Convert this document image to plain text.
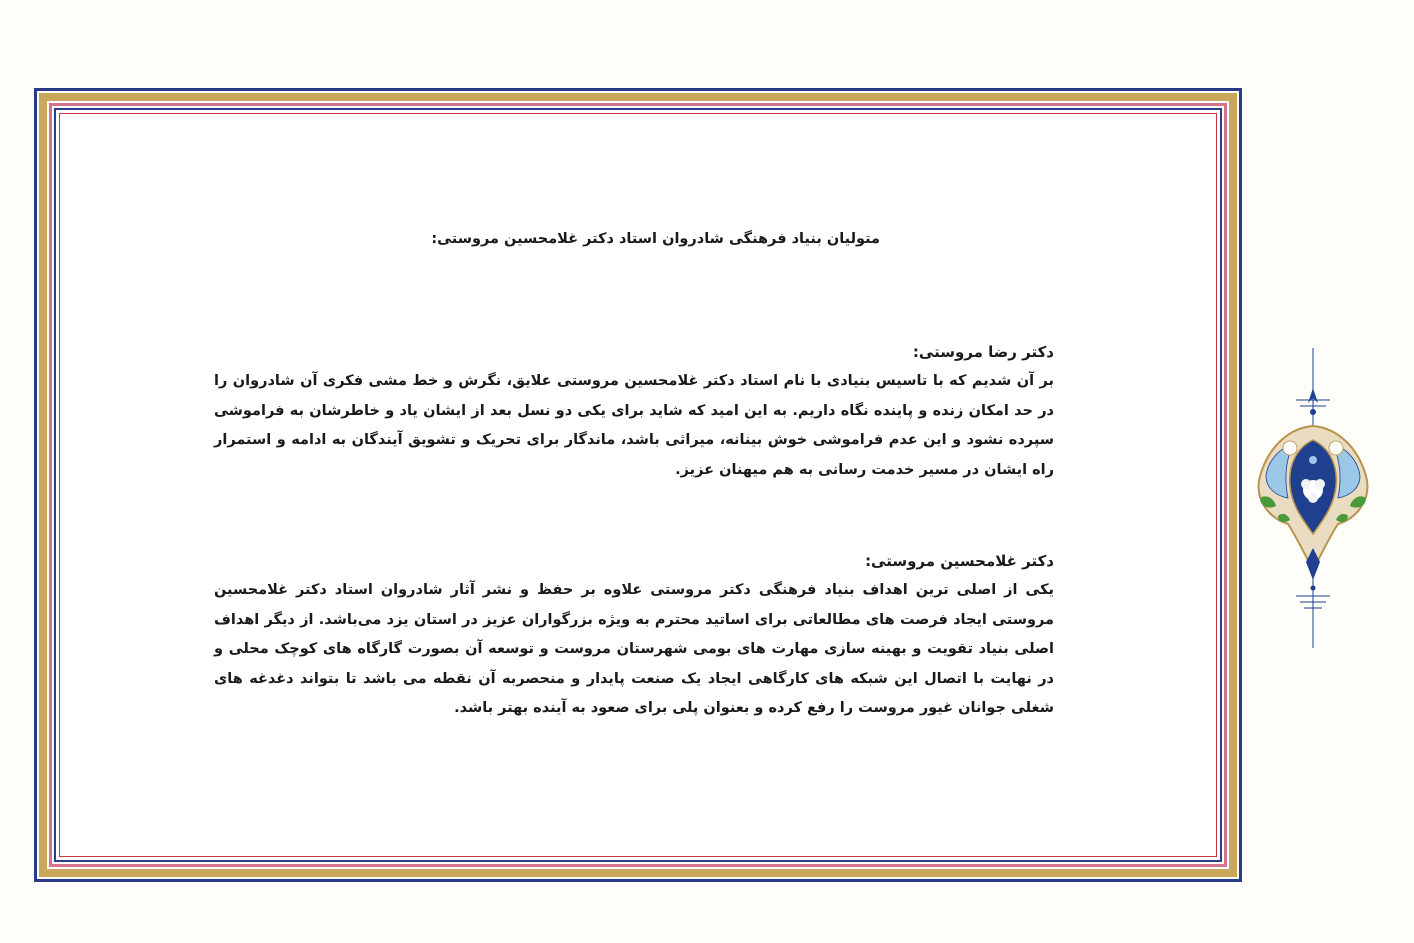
متولیان بنیاد فرهنگی شادروان استاد دکتر غلامحسین مروستی:
دکتر رضا مروستی:
بر آن شدیم که با تاسیس بنیادی با نام استاد دکتر غلامحسین مروستی علایق، نگرش و خط مشی فکری آن شادروان را در حد امکان زنده و پاینده نگاه داریم. به این امید که شاید برای یکی دو نسل بعد از ایشان یاد و خاطرشان به فراموشی سپرده نشود و این عدم فراموشی خوش بینانه، میراثی باشد، ماندگار برای تحریک و تشویق آیندگان به ادامه و استمرار راه ایشان در مسیر خدمت رسانی به هم میهنان عزیز.
دکتر غلامحسین مروستی:
یکی از اصلی ترین اهداف بنیاد فرهنگی دکتر مروستی علاوه بر حفظ و نشر آثار شادروان استاد دکتر غلامحسین مروستی ایجاد فرصت های مطالعاتی برای اساتید محترم به ویژه بزرگواران عزیز در استان یزد می‌باشد. از دیگر اهداف اصلی بنیاد تقویت و بهینه سازی مهارت های بومی شهرستان مروست و توسعه آن بصورت گارگاه های کوچک محلی و در نهایت با اتصال این شبکه های کارگاهی ایجاد یک صنعت پایدار و منحصربه آن نقطه می باشد تا بتواند دغدغه های شغلی جوانان غیور مروست را رفع کرده و بعنوان پلی برای صعود به آینده بهتر باشد.
